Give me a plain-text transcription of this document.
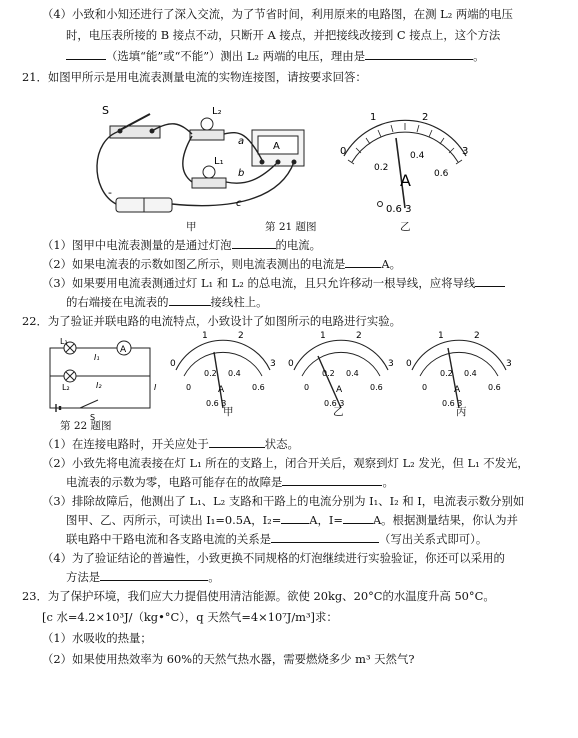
（4）小致和小知还进行了深入交流，为了节省时间，利用原来的电路图，在测 L₂ 两端的电压
时，电压表所接的 B 接点不动，只断开 A 接点，并把接线改接到 C 接点上，这个方法
（选填“能”或“不能”）测出 L₂ 两端的电压，理由是	。
21．如图甲所示是用电流表测量电流的实物连接图，请按要求回答：
S	L₂
L₁
-
A
a
b
c
0
1	2
3
0.2
0.4
0.6
A
0.6 3
甲	第 21 题图	乙
（1）图甲中电流表测量的是通过灯泡	的电流。
（2）如果电流表的示数如图乙所示，则电流表测出的电流是	A。
（3）如果要用电流表测通过灯 L₁ 和 L₂ 的总电流，且只允许移动一根导线，应将导线
的右端接在电流表的	接线柱上。
22．为了验证并联电路的电流特点，小致设计了如图所示的电路进行实验。
A
L₁
L₂
I₁
I₂	I
S
0
1	2
3
0
0.2 0.4
0.6
A
0.6 3
0
1	2
3
0
0.2 0.4
0.6
A
0.6 3
0
1	2
3
0
0.2 0.4
0.6
A
0.6 3
甲	乙	丙
第 22 题图
（1）在连接电路时，开关应处于	状态。
（2）小致先将电流表接在灯 L₁ 所在的支路上，闭合开关后，观察到灯 L₂ 发光，但 L₁ 不发光，
电流表的示数为零，电路可能存在的故障是	。
（3）排除故障后，他测出了 L₁、L₂ 支路和干路上的电流分别为 I₁、I₂ 和 I，电流表示数分别如
图甲、乙、丙所示，可读出 I₁=0.5A，I₂= A，I=	A。根据测量结果，你认为并
联电路中干路电流和各支路电流的关系是	（写出关系式即可）。
（4）为了验证结论的普遍性，小致更换不同规格的灯泡继续进行实验验证，你还可以采用的
方法是	。
23．为了保护环境，我们应大力提倡使用清洁能源。欲使 20kg、20°C的水温度升高 50°C。
[c 水=4.2×10³J/（kg•°C），q 天然气=4×10⁷J/m³]求：
（1）水吸收的热量；
（2）如果使用热效率为 60%的天然气热水器，需要燃烧多少 m³ 天然气?
